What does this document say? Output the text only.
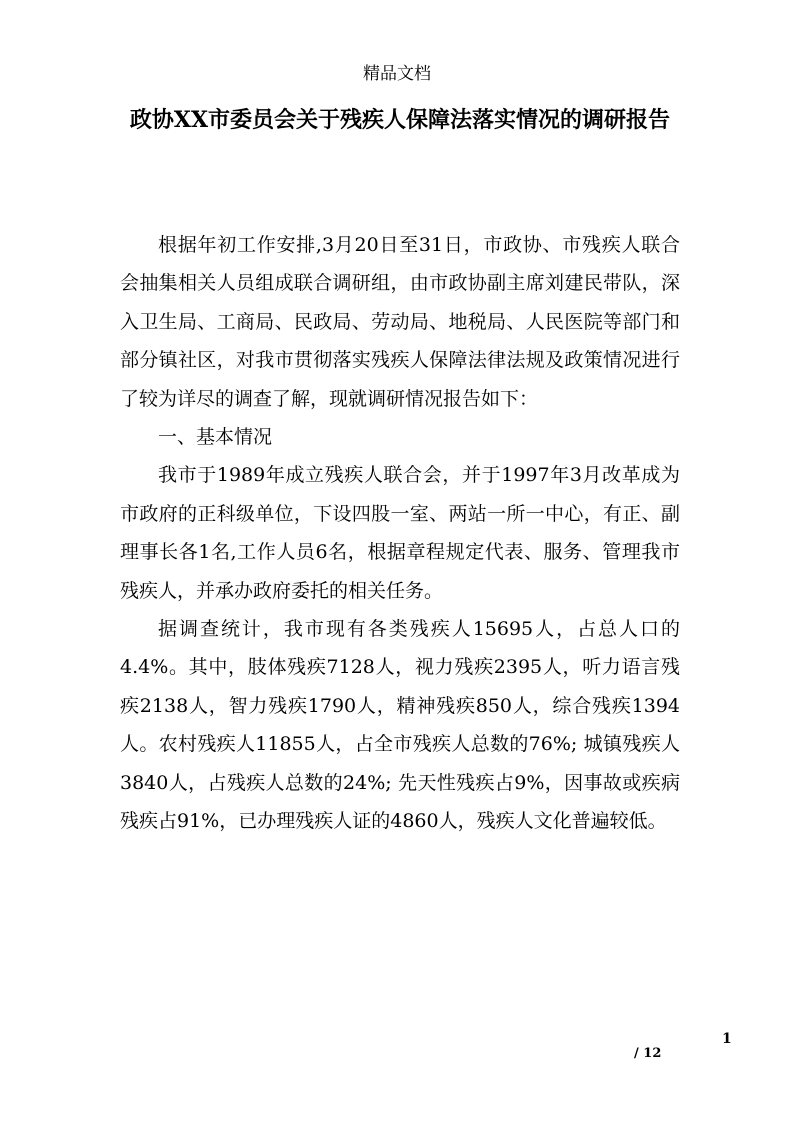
精品文档
政协XX市委员会关于残疾人保障法落实情况的调研报告

根据年初工作安排,3月20日至31日，市政协、市残疾人联合会抽集相关人员组成联合调研组，由市政协副主席刘建民带队，深入卫生局、工商局、民政局、劳动局、地税局、人民医院等部门和部分镇社区，对我市贯彻落实残疾人保障法律法规及政策情况进行了较为详尽的调查了解，现就调研情况报告如下：

一、基本情况

我市于1989年成立残疾人联合会，并于1997年3月改革成为市政府的正科级单位，下设四股一室、两站一所一中心，有正、副理事长各1名,工作人员6名，根据章程规定代表、服务、管理我市残疾人，并承办政府委托的相关任务。

据调查统计，我市现有各类残疾人15695人，占总人口的4.4%。其中，肢体残疾7128人，视力残疾2395人，听力语言残疾2138人，智力残疾1790人，精神残疾850人，综合残疾1394人。农村残疾人11855人，占全市残疾人总数的76%; 城镇残疾人3840人，占残疾人总数的24%; 先天性残疾占9%，因事故或疾病残疾占91%，已办理残疾人证的4860人，残疾人文化普遍较低。

1
/ 12
